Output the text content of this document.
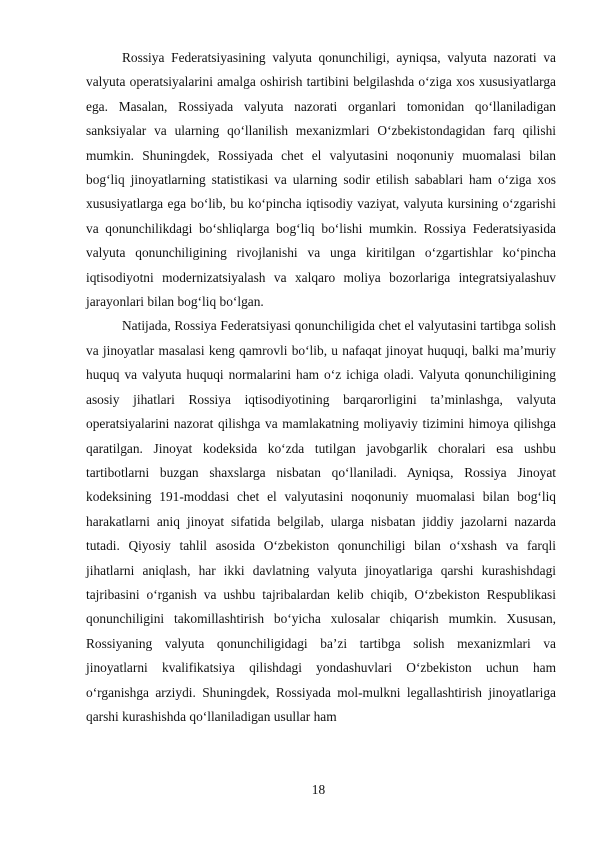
Rossiya Federatsiyasining valyuta qonunchiligi, ayniqsa, valyuta nazorati va valyuta operatsiyalarini amalga oshirish tartibini belgilashda o‘ziga xos xususiyatlarga ega. Masalan, Rossiyada valyuta nazorati organlari tomonidan qo‘llaniladigan sanksiyalar va ularning qo‘llanilish mexanizmlari O‘zbekistondagidan farq qilishi mumkin. Shuningdek, Rossiyada chet el valyutasini noqonuniy muomalasi bilan bog‘liq jinoyatlarning statistikasi va ularning sodir etilish sabablari ham o‘ziga xos xususiyatlarga ega bo‘lib, bu ko‘pincha iqtisodiy vaziyat, valyuta kursining o‘zgarishi va qonunchilikdagi bo‘shliqlarga bog‘liq bo‘lishi mumkin. Rossiya Federatsiyasida valyuta qonunchiligining rivojlanishi va unga kiritilgan o‘zgartishlar ko‘pincha iqtisodiyotni modernizatsiyalash va xalqaro moliya bozorlariga integratsiyalashuv jarayonlari bilan bog‘liq bo‘lgan.

Natijada, Rossiya Federatsiyasi qonunchiligida chet el valyutasini tartibga solish va jinoyatlar masalasi keng qamrovli bo‘lib, u nafaqat jinoyat huquqi, balki ma’muriy huquq va valyuta huquqi normalarini ham o‘z ichiga oladi. Valyuta qonunchiligining asosiy jihatlari Rossiya iqtisodiyotining barqarorligini ta’minlashga, valyuta operatsiyalarini nazorat qilishga va mamlakatning moliyaviy tizimini himoya qilishga qaratilgan. Jinoyat kodeksida ko‘zda tutilgan javobgarlik choralari esa ushbu tartibotlarni buzgan shaxslarga nisbatan qo‘llaniladi. Ayniqsa, Rossiya Jinoyat kodeksining 191-moddasi chet el valyutasini noqonuniy muomalasi bilan bog‘liq harakatlarni aniq jinoyat sifatida belgilab, ularga nisbatan jiddiy jazolarni nazarda tutadi. Qiyosiy tahlil asosida O‘zbekiston qonunchiligi bilan o‘xshash va farqli jihatlarni aniqlash, har ikki davlatning valyuta jinoyatlariga qarshi kurashishdagi tajribasini o‘rganish va ushbu tajribalardan kelib chiqib, O‘zbekiston Respublikasi qonunchiligini takomillashtirish bo‘yicha xulosalar chiqarish mumkin. Xususan, Rossiyaning valyuta qonunchiligidagi ba’zi tartibga solish mexanizmlari va jinoyatlarni kvalifikatsiya qilishdagi yondashuvlari O‘zbekiston uchun ham o‘rganishga arziydi. Shuningdek, Rossiyada mol-mulkni legallashtirish jinoyatlariga qarshi kurashishda qo‘llaniladigan usullar ham

18
